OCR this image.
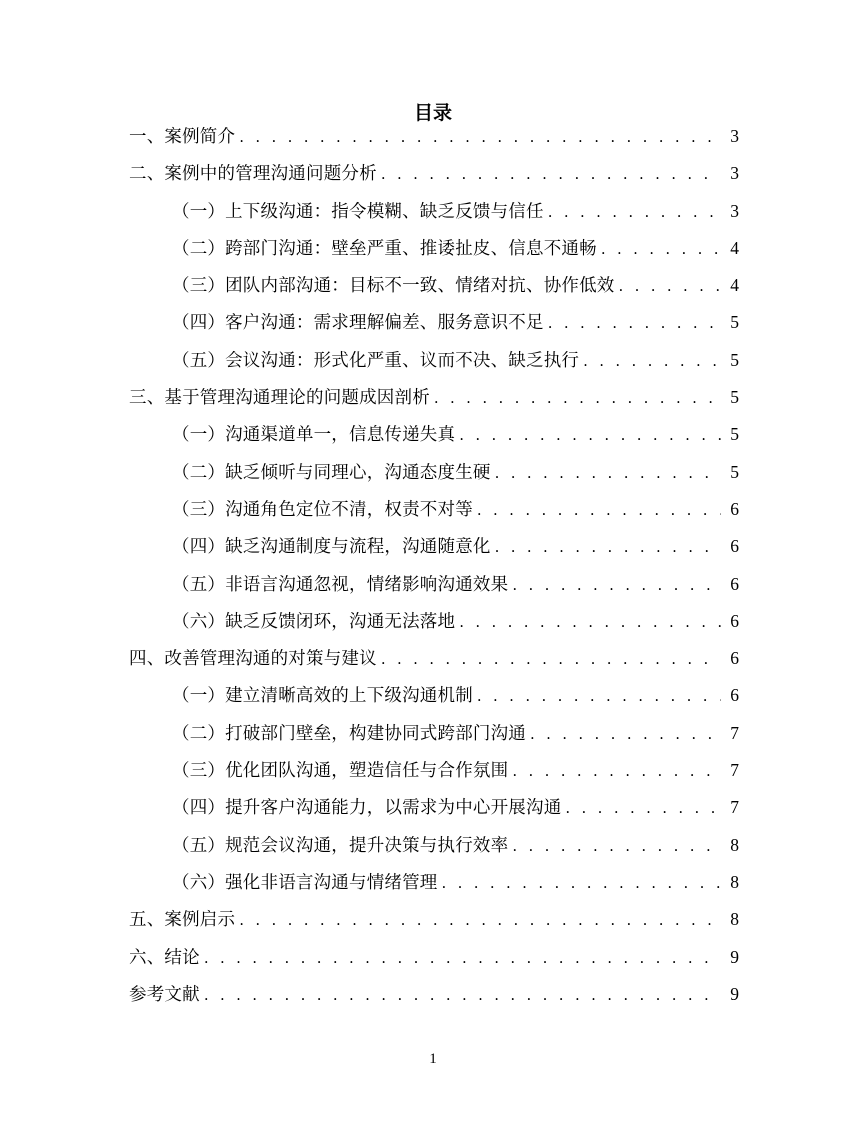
目录
一、案例简介 . . .	3
二、案例中的管理沟通问题分析 . . .	3
（一）上下级沟通：指令模糊、缺乏反馈与信任 . . .	3
（二）跨部门沟通：壁垒严重、推诿扯皮、信息不通畅 . . .	4
（三）团队内部沟通：目标不一致、情绪对抗、协作低效 . . .	4
（四）客户沟通：需求理解偏差、服务意识不足 . . .	5
（五）会议沟通：形式化严重、议而不决、缺乏执行 . . .	5
三、基于管理沟通理论的问题成因剖析 . . .	5
（一）沟通渠道单一，信息传递失真 . . .	5
（二）缺乏倾听与同理心，沟通态度生硬 . . .	5
（三）沟通角色定位不清，权责不对等 . . .	6
（四）缺乏沟通制度与流程，沟通随意化 . . .	6
（五）非语言沟通忽视，情绪影响沟通效果 . . .	6
（六）缺乏反馈闭环，沟通无法落地 . . .	6
四、改善管理沟通的对策与建议 . . .	6
（一）建立清晰高效的上下级沟通机制 . . .	6
（二）打破部门壁垒，构建协同式跨部门沟通 . . .	7
（三）优化团队沟通，塑造信任与合作氛围 . . .	7
（四）提升客户沟通能力，以需求为中心开展沟通 . . .	7
（五）规范会议沟通，提升决策与执行效率 . . .	8
（六）强化非语言沟通与情绪管理 . . .	8
五、案例启示 . . .	8
六、结论 . . .	9
参考文献 . . .	9
1
